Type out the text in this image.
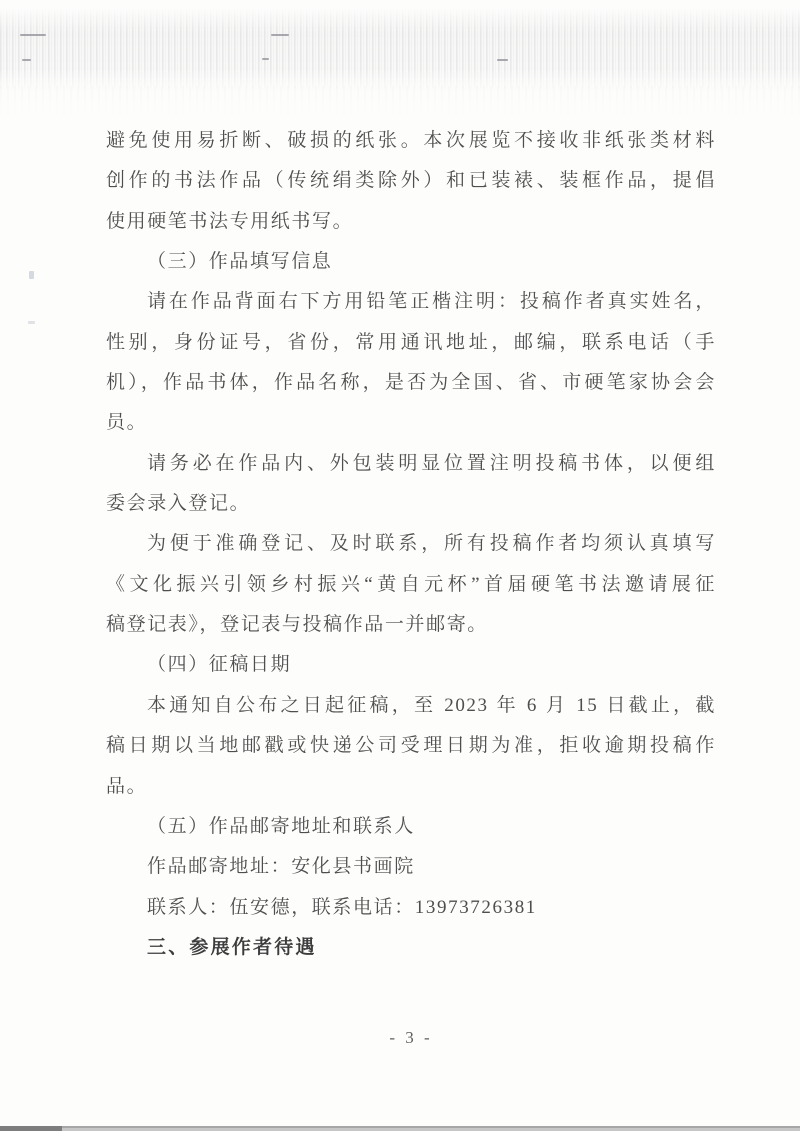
避免使用易折断、破损的纸张。本次展览不接收非纸张类材料
创作的书法作品（传统绢类除外）和已装裱、装框作品，提倡
使用硬笔书法专用纸书写。
（三）作品填写信息
请在作品背面右下方用铅笔正楷注明：投稿作者真实姓名，
性别，身份证号，省份，常用通讯地址，邮编，联系电话（手
机），作品书体，作品名称，是否为全国、省、市硬笔家协会会
员。
请务必在作品内、外包装明显位置注明投稿书体，以便组
委会录入登记。
为便于准确登记、及时联系，所有投稿作者均须认真填写
《文化振兴引领乡村振兴“黄自元杯”首届硬笔书法邀请展征
稿登记表》，登记表与投稿作品一并邮寄。
（四）征稿日期
本通知自公布之日起征稿，至 2023 年 6 月 15 日截止，截
稿日期以当地邮戳或快递公司受理日期为准，拒收逾期投稿作
品。
（五）作品邮寄地址和联系人
作品邮寄地址：安化县书画院
联系人：伍安德，联系电话：13973726381
三、参展作者待遇
- 3 -
